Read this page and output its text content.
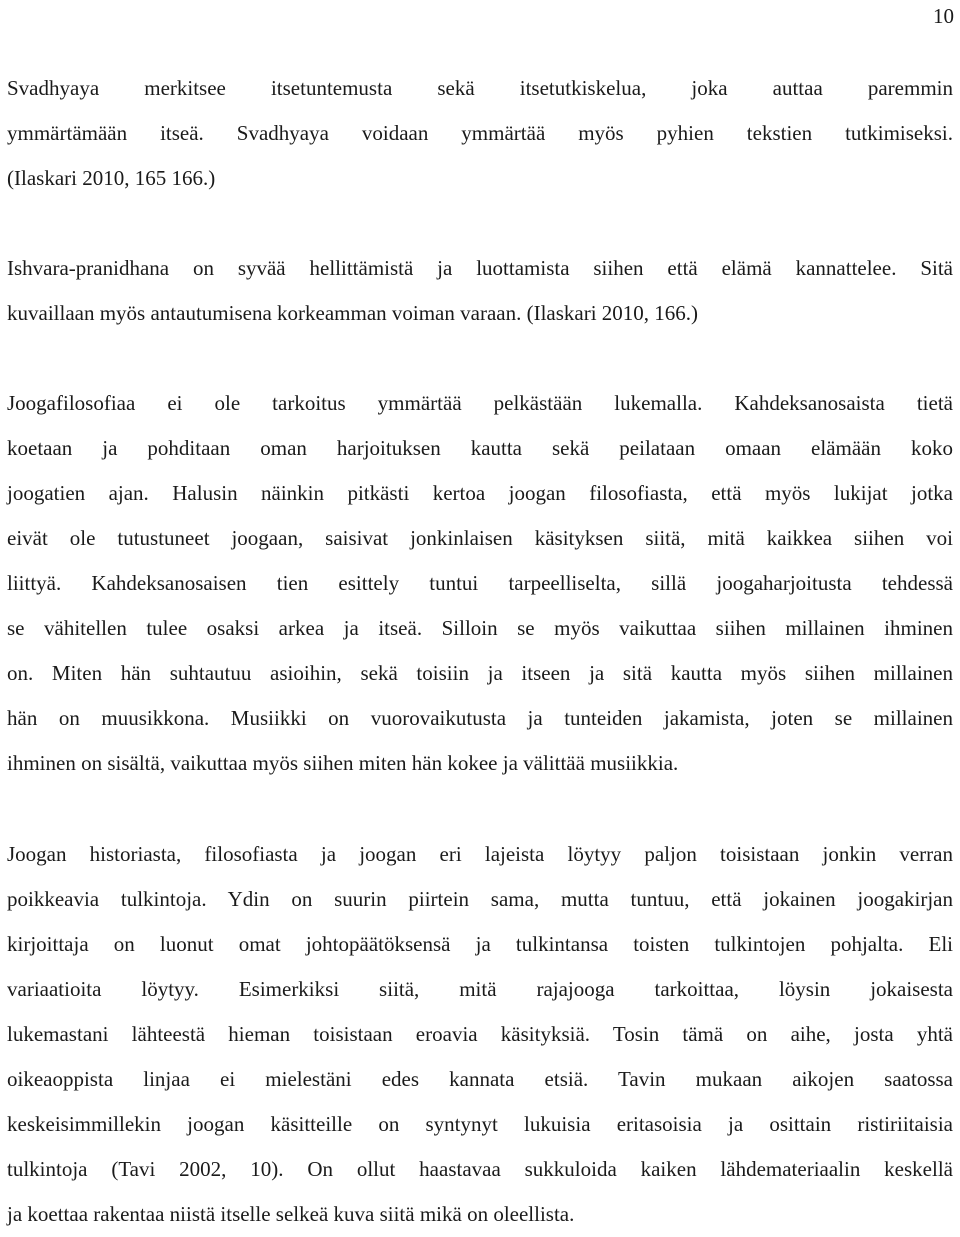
10
Svadhyaya merkitsee itsetuntemusta sekä itsetutkiskelua, joka auttaa paremmin
ymmärtämään itseä. Svadhyaya voidaan ymmärtää myös pyhien tekstien tutkimiseksi.
(Ilaskari 2010, 165 166.)
Ishvara-pranidhana on syvää hellittämistä ja luottamista siihen että elämä kannattelee. Sitä
kuvaillaan myös antautumisena korkeamman voiman varaan. (Ilaskari 2010, 166.)
Joogafilosofiaa ei ole tarkoitus ymmärtää pelkästään lukemalla. Kahdeksanosaista tietä
koetaan ja pohditaan oman harjoituksen kautta sekä peilataan omaan elämään koko
joogatien ajan. Halusin näinkin pitkästi kertoa joogan filosofiasta, että myös lukijat jotka
eivät ole tutustuneet joogaan, saisivat jonkinlaisen käsityksen siitä, mitä kaikkea siihen voi
liittyä. Kahdeksanosaisen tien esittely tuntui tarpeelliselta, sillä joogaharjoitusta tehdessä
se vähitellen tulee osaksi arkea ja itseä. Silloin se myös vaikuttaa siihen millainen ihminen
on. Miten hän suhtautuu asioihin, sekä toisiin ja itseen ja sitä kautta myös siihen millainen
hän on muusikkona. Musiikki on vuorovaikutusta ja tunteiden jakamista, joten se millainen
ihminen on sisältä, vaikuttaa myös siihen miten hän kokee ja välittää musiikkia.
Joogan historiasta, filosofiasta ja joogan eri lajeista löytyy paljon toisistaan jonkin verran
poikkeavia tulkintoja. Ydin on suurin piirtein sama, mutta tuntuu, että jokainen joogakirjan
kirjoittaja on luonut omat johtopäätöksensä ja tulkintansa toisten tulkintojen pohjalta. Eli
variaatioita löytyy. Esimerkiksi siitä, mitä rajajooga tarkoittaa, löysin jokaisesta
lukemastani lähteestä hieman toisistaan eroavia käsityksiä. Tosin tämä on aihe, josta yhtä
oikeaoppista linjaa ei mielestäni edes kannata etsiä. Tavin mukaan aikojen saatossa
keskeisimmillekin joogan käsitteille on syntynyt lukuisia eritasoisia ja osittain ristiriitaisia
tulkintoja (Tavi 2002, 10). On ollut haastavaa sukkuloida kaiken lähdemateriaalin keskellä
ja koettaa rakentaa niistä itselle selkeä kuva siitä mikä on oleellista.
